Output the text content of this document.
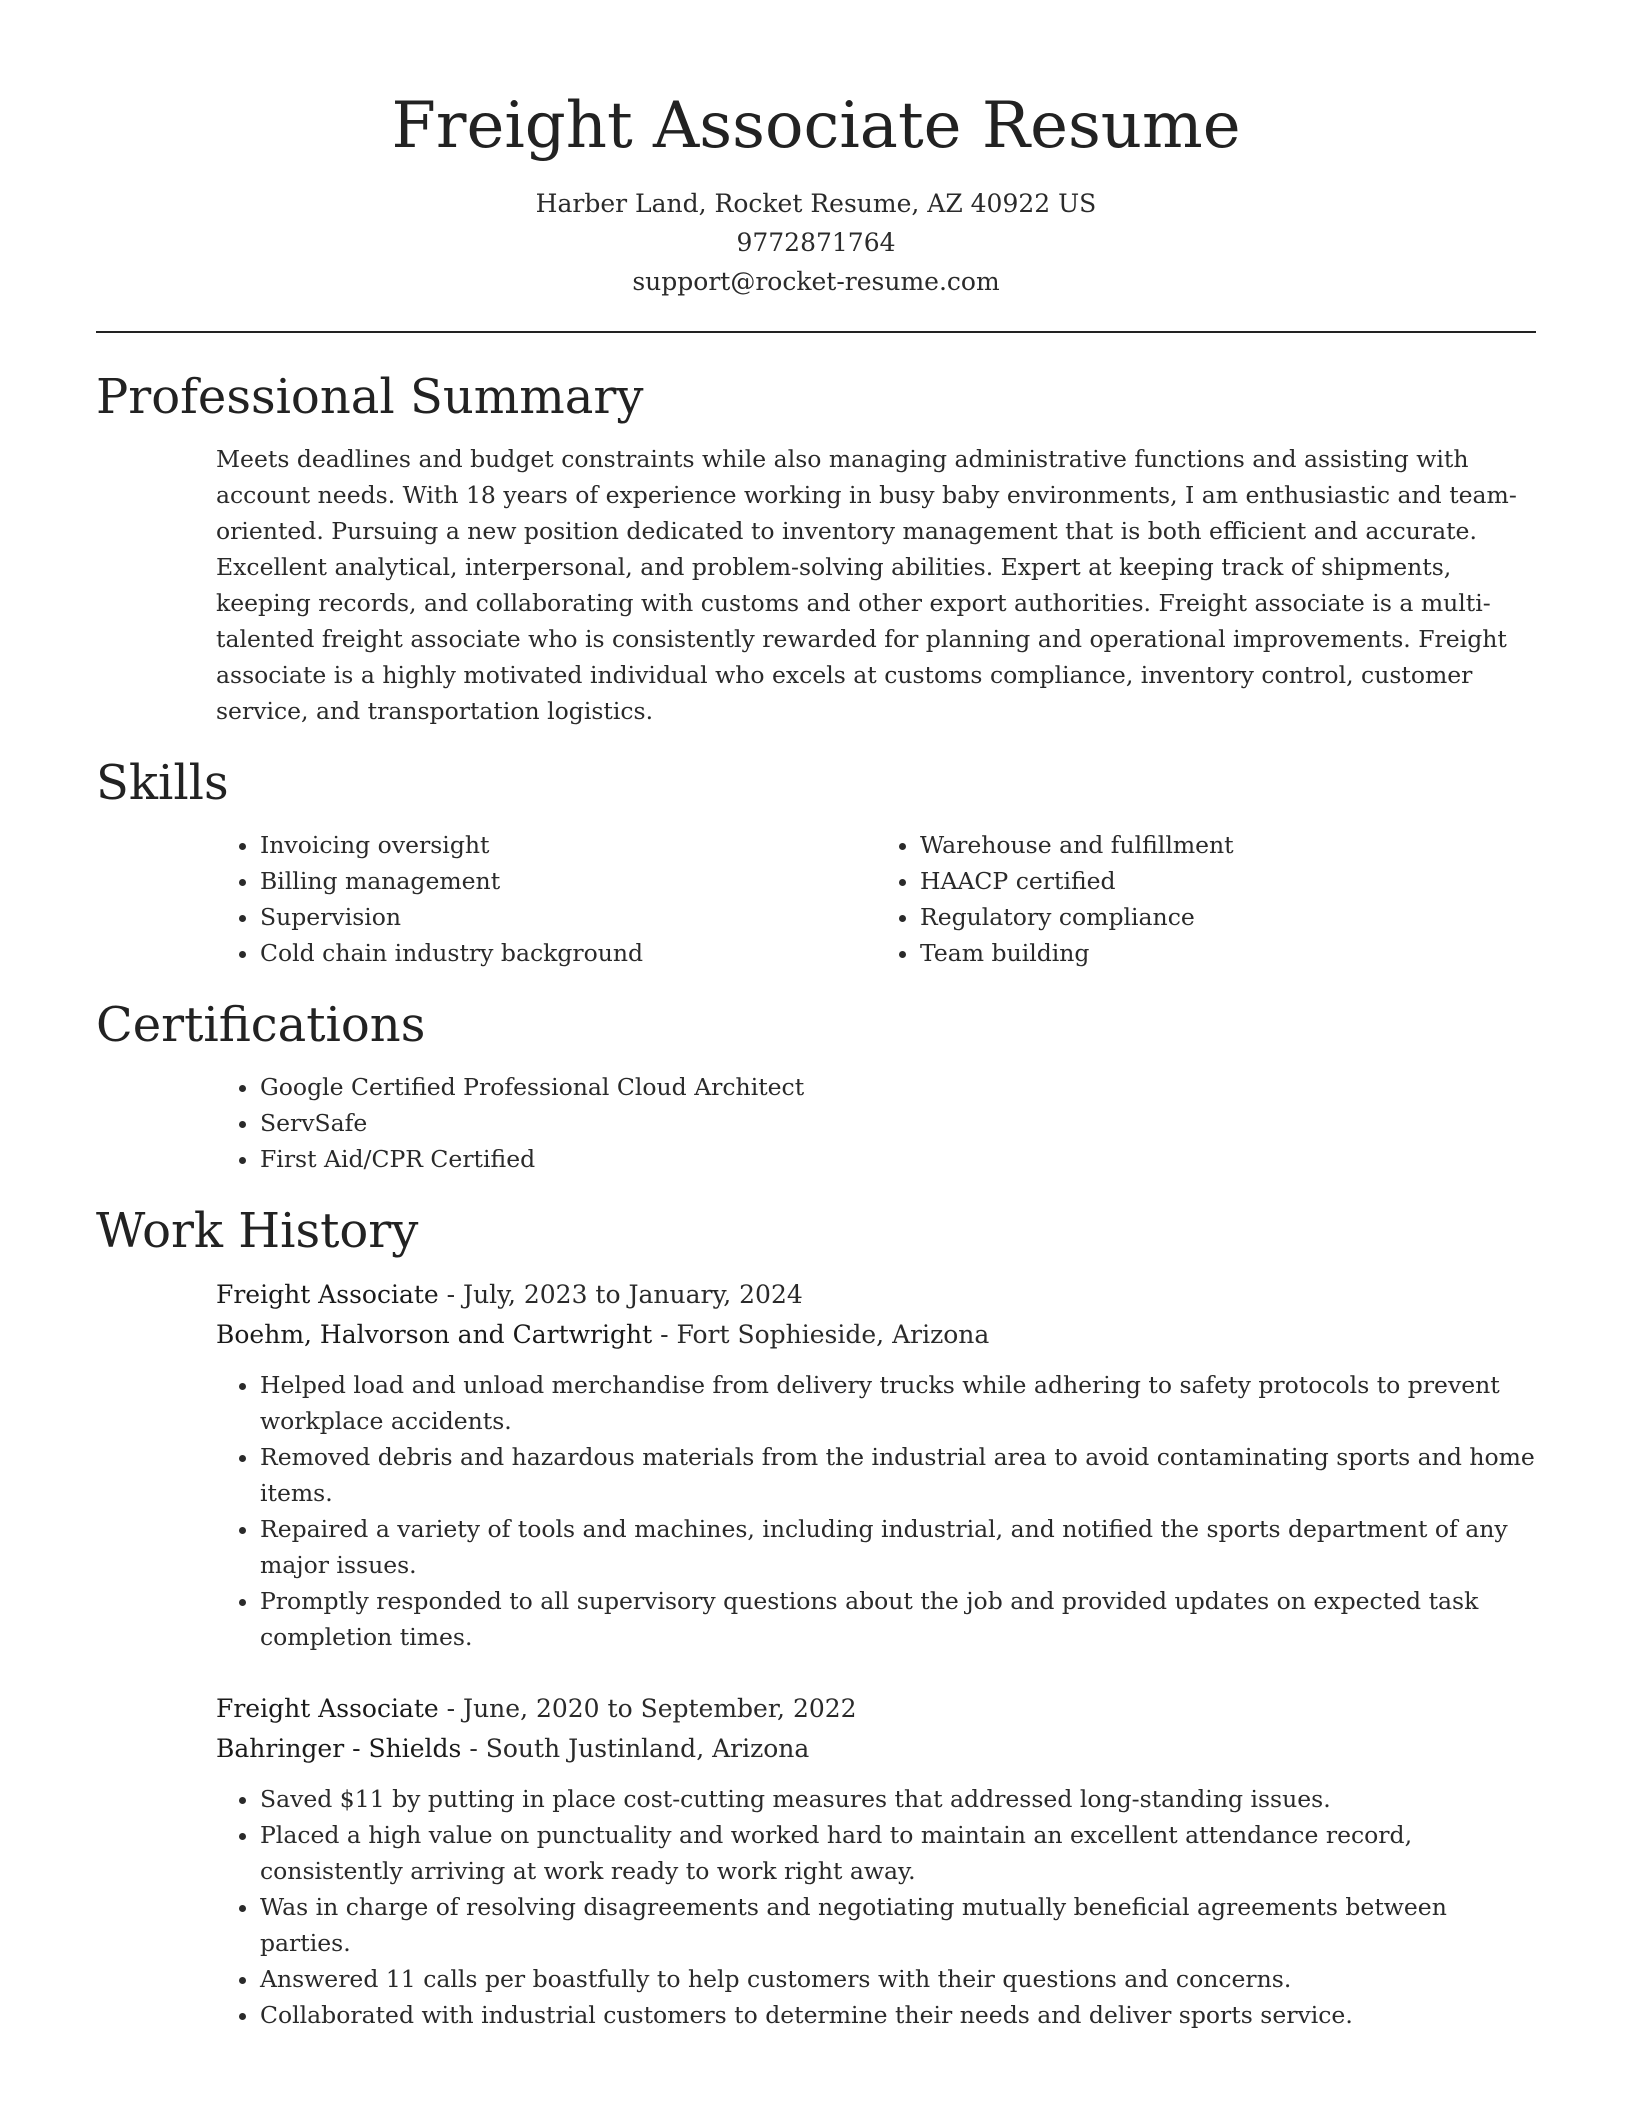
Freight Associate Resume
Harber Land, Rocket Resume, AZ 40922 US
9772871764
support@rocket-resume.com
Professional Summary

Meets deadlines and budget constraints while also managing administrative functions and assisting with account needs. With 18 years of experience working in busy baby environments, I am enthusiastic and team-oriented. Pursuing a new position dedicated to inventory management that is both efficient and accurate. Excellent analytical, interpersonal, and problem-solving abilities. Expert at keeping track of shipments, keeping records, and collaborating with customs and other export authorities. Freight associate is a multi-talented freight associate who is consistently rewarded for planning and operational improvements. Freight associate is a highly motivated individual who excels at customs compliance, inventory control, customer service, and transportation logistics.

Skills
• Invoicing oversight
• Billing management
• Supervision
• Cold chain industry background
• Warehouse and fulfillment
• HAACP certified
• Regulatory compliance
• Team building
Certifications
• Google Certified Professional Cloud Architect
• ServSafe
• First Aid/CPR Certified
Work History
Freight Associate - July, 2023 to January, 2024
Boehm, Halvorson and Cartwright - Fort Sophieside, Arizona
• Helped load and unload merchandise from delivery trucks while adhering to safety protocols to prevent workplace accidents.
• Removed debris and hazardous materials from the industrial area to avoid contaminating sports and home items.
• Repaired a variety of tools and machines, including industrial, and notified the sports department of any major issues.
• Promptly responded to all supervisory questions about the job and provided updates on expected task completion times.
Freight Associate - June, 2020 to September, 2022
Bahringer - Shields - South Justinland, Arizona
• Saved $11 by putting in place cost-cutting measures that addressed long-standing issues.
• Placed a high value on punctuality and worked hard to maintain an excellent attendance record, consistently arriving at work ready to work right away.
• Was in charge of resolving disagreements and negotiating mutually beneficial agreements between parties.
• Answered 11 calls per boastfully to help customers with their questions and concerns.
• Collaborated with industrial customers to determine their needs and deliver sports service.
